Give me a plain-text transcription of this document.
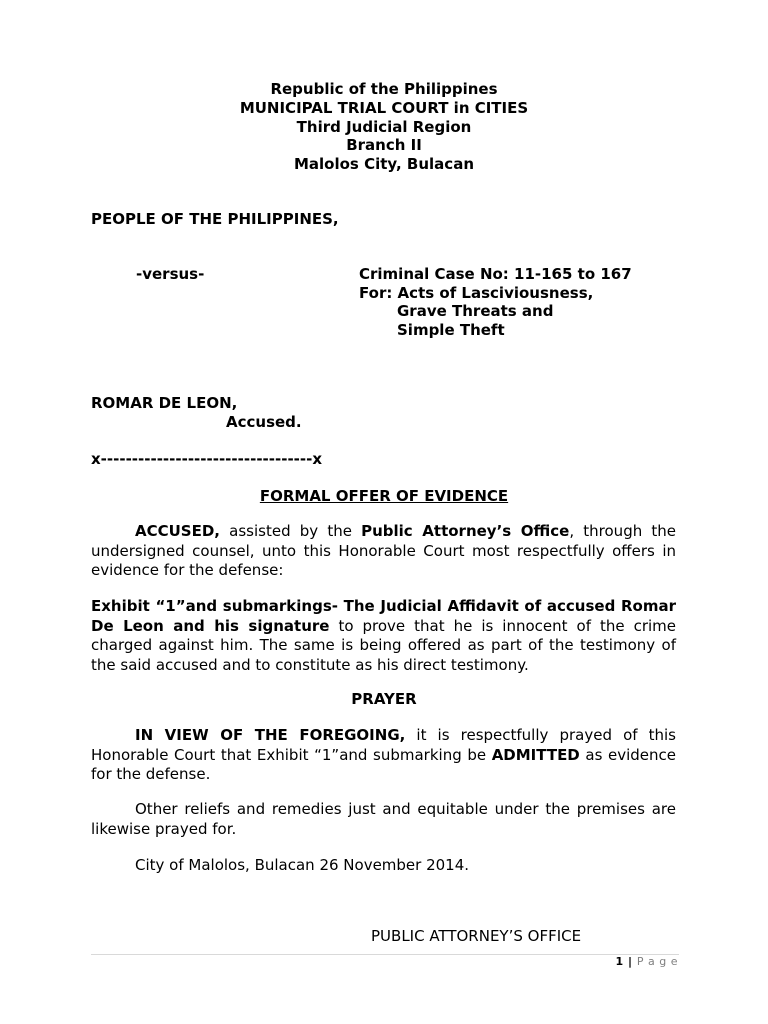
Republic of the Philippines
MUNICIPAL TRIAL COURT in CITIES
Third Judicial Region
Branch II
Malolos City, Bulacan
PEOPLE OF THE PHILIPPINES,
-versus-	Criminal Case No: 11-165 to 167
For: Acts of Lasciviousness,
Grave Threats and
Simple Theft
ROMAR DE LEON,
Accused.
x----------------------------------x
FORMAL OFFER OF EVIDENCE
ACCUSED, assisted by the Public Attorney’s Office, through the undersigned counsel, unto this Honorable Court most respectfully offers in evidence for the defense:
Exhibit “1”and submarkings- The Judicial Affidavit of accused Romar De Leon and his signature to prove that he is innocent of the crime charged against him. The same is being offered as part of the testimony of the said accused and to constitute as his direct testimony.
PRAYER
IN VIEW OF THE FOREGOING, it is respectfully prayed of this Honorable Court that Exhibit “1”and submarking be ADMITTED as evidence for the defense.
Other reliefs and remedies just and equitable under the premises are likewise prayed for.
City of Malolos, Bulacan 26 November 2014.
PUBLIC ATTORNEY’S OFFICE
1 | P a g e
